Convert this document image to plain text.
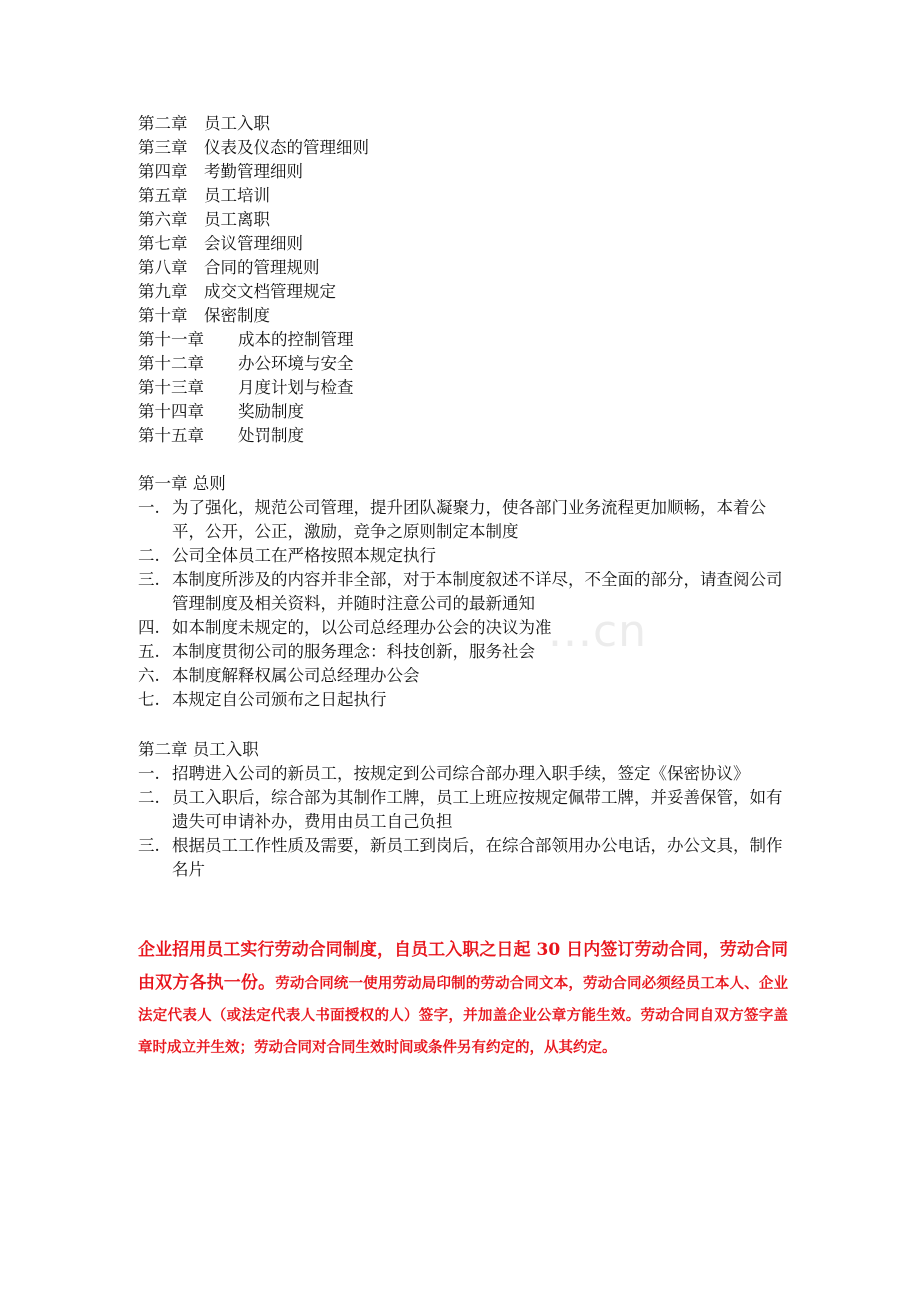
第二章 员工入职
第三章 仪表及仪态的管理细则
第四章 考勤管理细则
第五章 员工培训
第六章 员工离职
第七章 会议管理细则
第八章 合同的管理规则
第九章 成交文档管理规定
第十章 保密制度
第十一章 成本的控制管理
第十二章 办公环境与安全
第十三章 月度计划与检查
第十四章 奖励制度
第十五章 处罚制度
第一章 总则
一. 为了强化，规范公司管理，提升团队凝聚力，使各部门业务流程更加顺畅，本着公平，公开，公正，激励，竞争之原则制定本制度
二. 公司全体员工在严格按照本规定执行
三. 本制度所涉及的内容并非全部，对于本制度叙述不详尽，不全面的部分，请查阅公司管理制度及相关资料，并随时注意公司的最新通知
四. 如本制度未规定的，以公司总经理办公会的决议为准
五. 本制度贯彻公司的服务理念：科技创新，服务社会
六. 本制度解释权属公司总经理办公会
七. 本规定自公司颁布之日起执行
第二章 员工入职
一. 招聘进入公司的新员工，按规定到公司综合部办理入职手续，签定《保密协议》
二. 员工入职后，综合部为其制作工牌，员工上班应按规定佩带工牌，并妥善保管，如有遗失可申请补办，费用由员工自己负担
三. 根据员工工作性质及需要，新员工到岗后，在综合部领用办公电话，办公文具，制作名片

企业招用员工实行劳动合同制度，自员工入职之日起 30 日内签订劳动合同，劳动合同由双方各执一份。劳动合同统一使用劳动局印制的劳动合同文本，劳动合同必须经员工本人、企业法定代表人（或法定代表人书面授权的人）签字，并加盖企业公章方能生效。劳动合同自双方签字盖章时成立并生效；劳动合同对合同生效时间或条件另有约定的，从其约定。

...cn
